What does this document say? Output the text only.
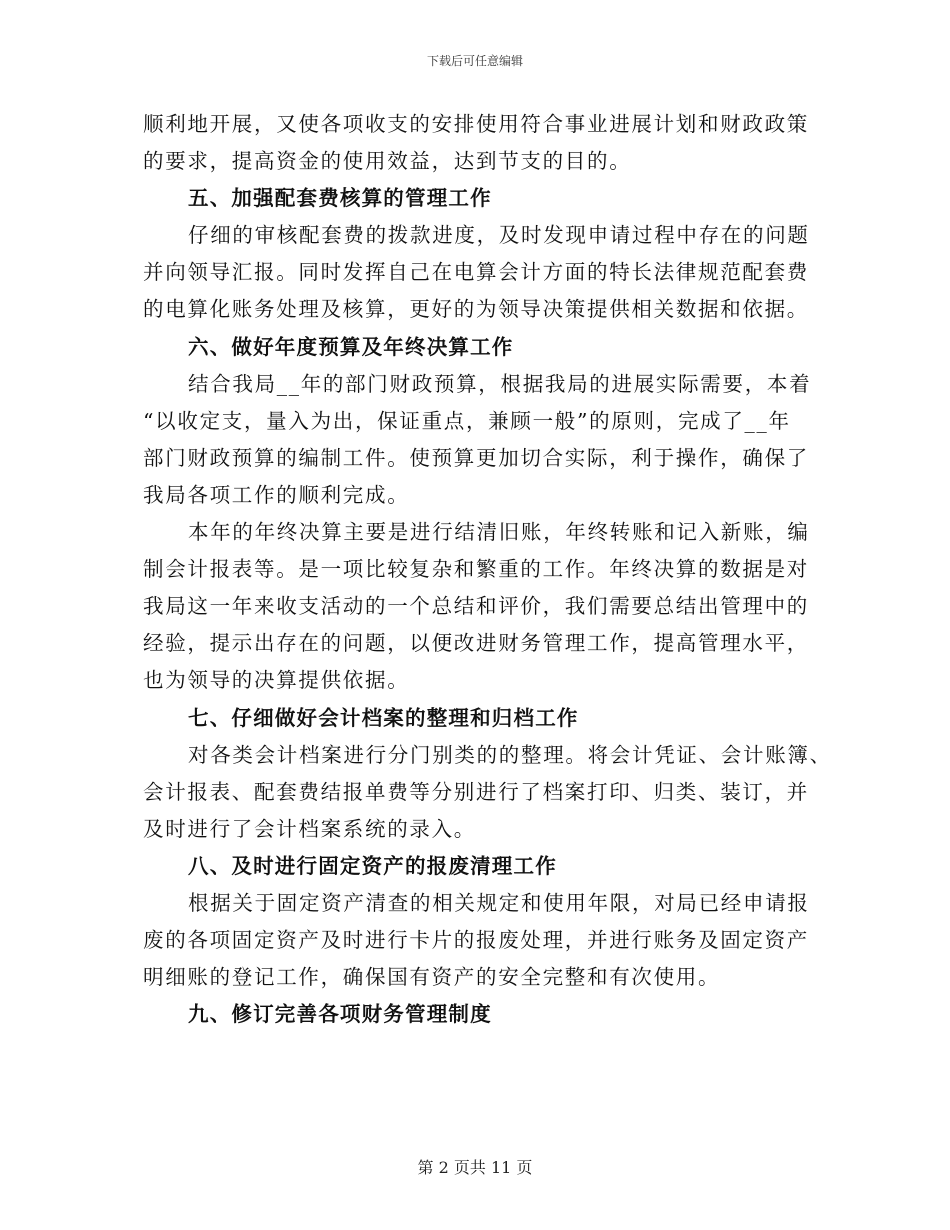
下载后可任意编辑
顺利地开展，又使各项收支的安排使用符合事业进展计划和财政政策
的要求，提高资金的使用效益，达到节支的目的。
五、加强配套费核算的管理工作
仔细的审核配套费的拨款进度，及时发现申请过程中存在的问题
并向领导汇报。同时发挥自己在电算会计方面的特长法律规范配套费
的电算化账务处理及核算，更好的为领导决策提供相关数据和依据。
六、做好年度预算及年终决算工作
结合我局__年的部门财政预算，根据我局的进展实际需要，本着
“以收定支，量入为出，保证重点，兼顾一般”的原则，完成了__年
部门财政预算的编制工件。使预算更加切合实际，利于操作，确保了
我局各项工作的顺利完成。
本年的年终决算主要是进行结清旧账，年终转账和记入新账，编
制会计报表等。是一项比较复杂和繁重的工作。年终决算的数据是对
我局这一年来收支活动的一个总结和评价，我们需要总结出管理中的
经验，提示出存在的问题，以便改进财务管理工作，提高管理水平，
也为领导的决算提供依据。
七、仔细做好会计档案的整理和归档工作
对各类会计档案进行分门别类的的整理。将会计凭证、会计账簿、
会计报表、配套费结报单费等分别进行了档案打印、归类、装订，并
及时进行了会计档案系统的录入。
八、及时进行固定资产的报废清理工作
根据关于固定资产清查的相关规定和使用年限，对局已经申请报
废的各项固定资产及时进行卡片的报废处理，并进行账务及固定资产
明细账的登记工作，确保国有资产的安全完整和有次使用。
九、修订完善各项财务管理制度
第 2 页共 11 页
